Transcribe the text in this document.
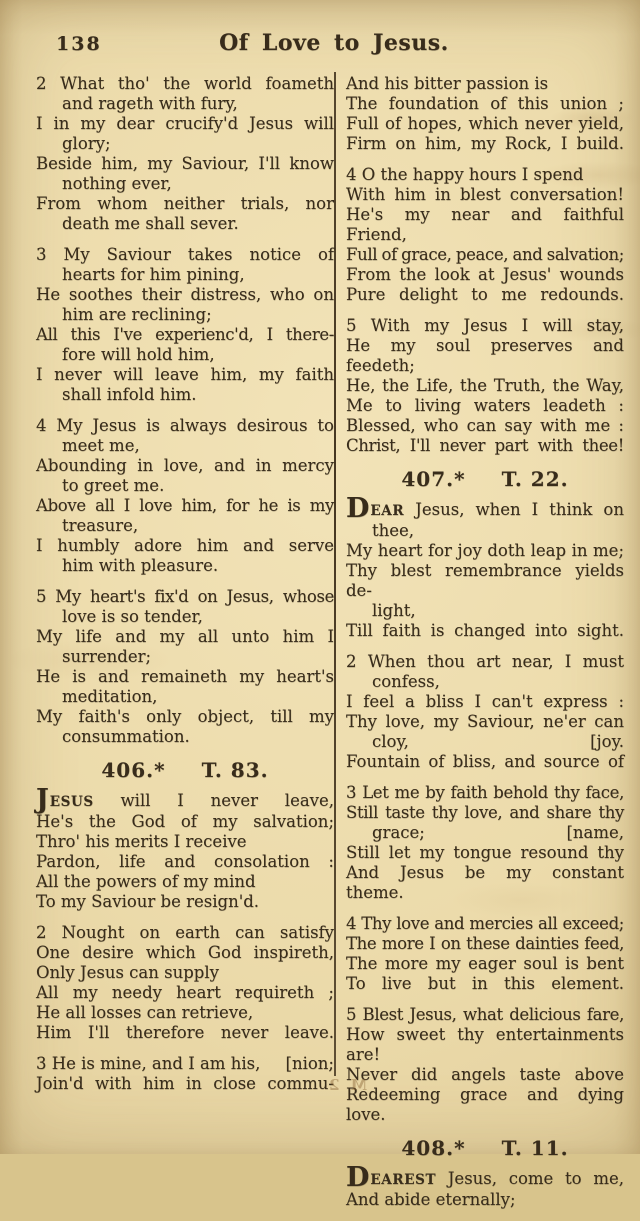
138	Of Love to Jesus.
2 What tho' the world foameth
and rageth with fury,
I in my dear crucify'd Jesus will
glory;
Beside him, my Saviour, I'll know
nothing ever,
From whom neither trials, nor
death me shall sever.
3 My Saviour takes notice of
hearts for him pining,
He soothes their distress, who on
him are reclining;
All this I've experienc'd, I there-
fore will hold him,
I never will leave him, my faith
shall infold him.
4 My Jesus is always desirous to
meet me,
Abounding in love, and in mercy
to greet me.
Above all I love him, for he is my
treasure,
I humbly adore him and serve
him with pleasure.
5 My heart's fix'd on Jesus, whose
love is so tender,
My life and my all unto him I
surrender;
He is and remaineth my heart's
meditation,
My faith's only object, till my
consummation.
406.* T. 83.
JESUS will I never leave,
He's the God of my salvation;
Thro' his merits I receive
Pardon, life and consolation :
All the powers of my mind
To my Saviour be resign'd.
2 Nought on earth can satisfy
One desire which God inspireth,
Only Jesus can supply
All my needy heart requireth ;
He all losses can retrieve,
Him I'll therefore never leave.
3 He is mine, and I am his, [nion;
Join'd with him in close commu-
And his bitter passion is
The foundation of this union ;
Full of hopes, which never yield,
Firm on him, my Rock, I build.
4 O the happy hours I spend
With him in blest conversation!
He's my near and faithful Friend,
Full of grace, peace, and salvation;
From the look at Jesus' wounds
Pure delight to me redounds.
5 With my Jesus I will stay,
He my soul preserves and feedeth;
He, the Life, the Truth, the Way,
Me to living waters leadeth :
Blessed, who can say with me :
Christ, I'll never part with thee!
407.* T. 22.
DEAR Jesus, when I think on
thee,
My heart for joy doth leap in me;
Thy blest remembrance yields de-
light,
Till faith is changed into sight.
2 When thou art near, I must
confess,
I feel a bliss I can't express :
Thy love, my Saviour, ne'er can
cloy,	[joy.
Fountain of bliss, and source of
3 Let me by faith behold thy face,
Still taste thy love, and share thy
grace;	[name,
Still let my tongue resound thy
And Jesus be my constant theme.
4 Thy love and mercies all exceed;
The more I on these dainties feed,
The more my eager soul is bent
To live but in this element.
5 Blest Jesus, what delicious fare,
How sweet thy entertainments are!
Never did angels taste above
Redeeming grace and dying love.
408.* T. 11.
DEAREST Jesus, come to me,
And abide eternally;
M 2
